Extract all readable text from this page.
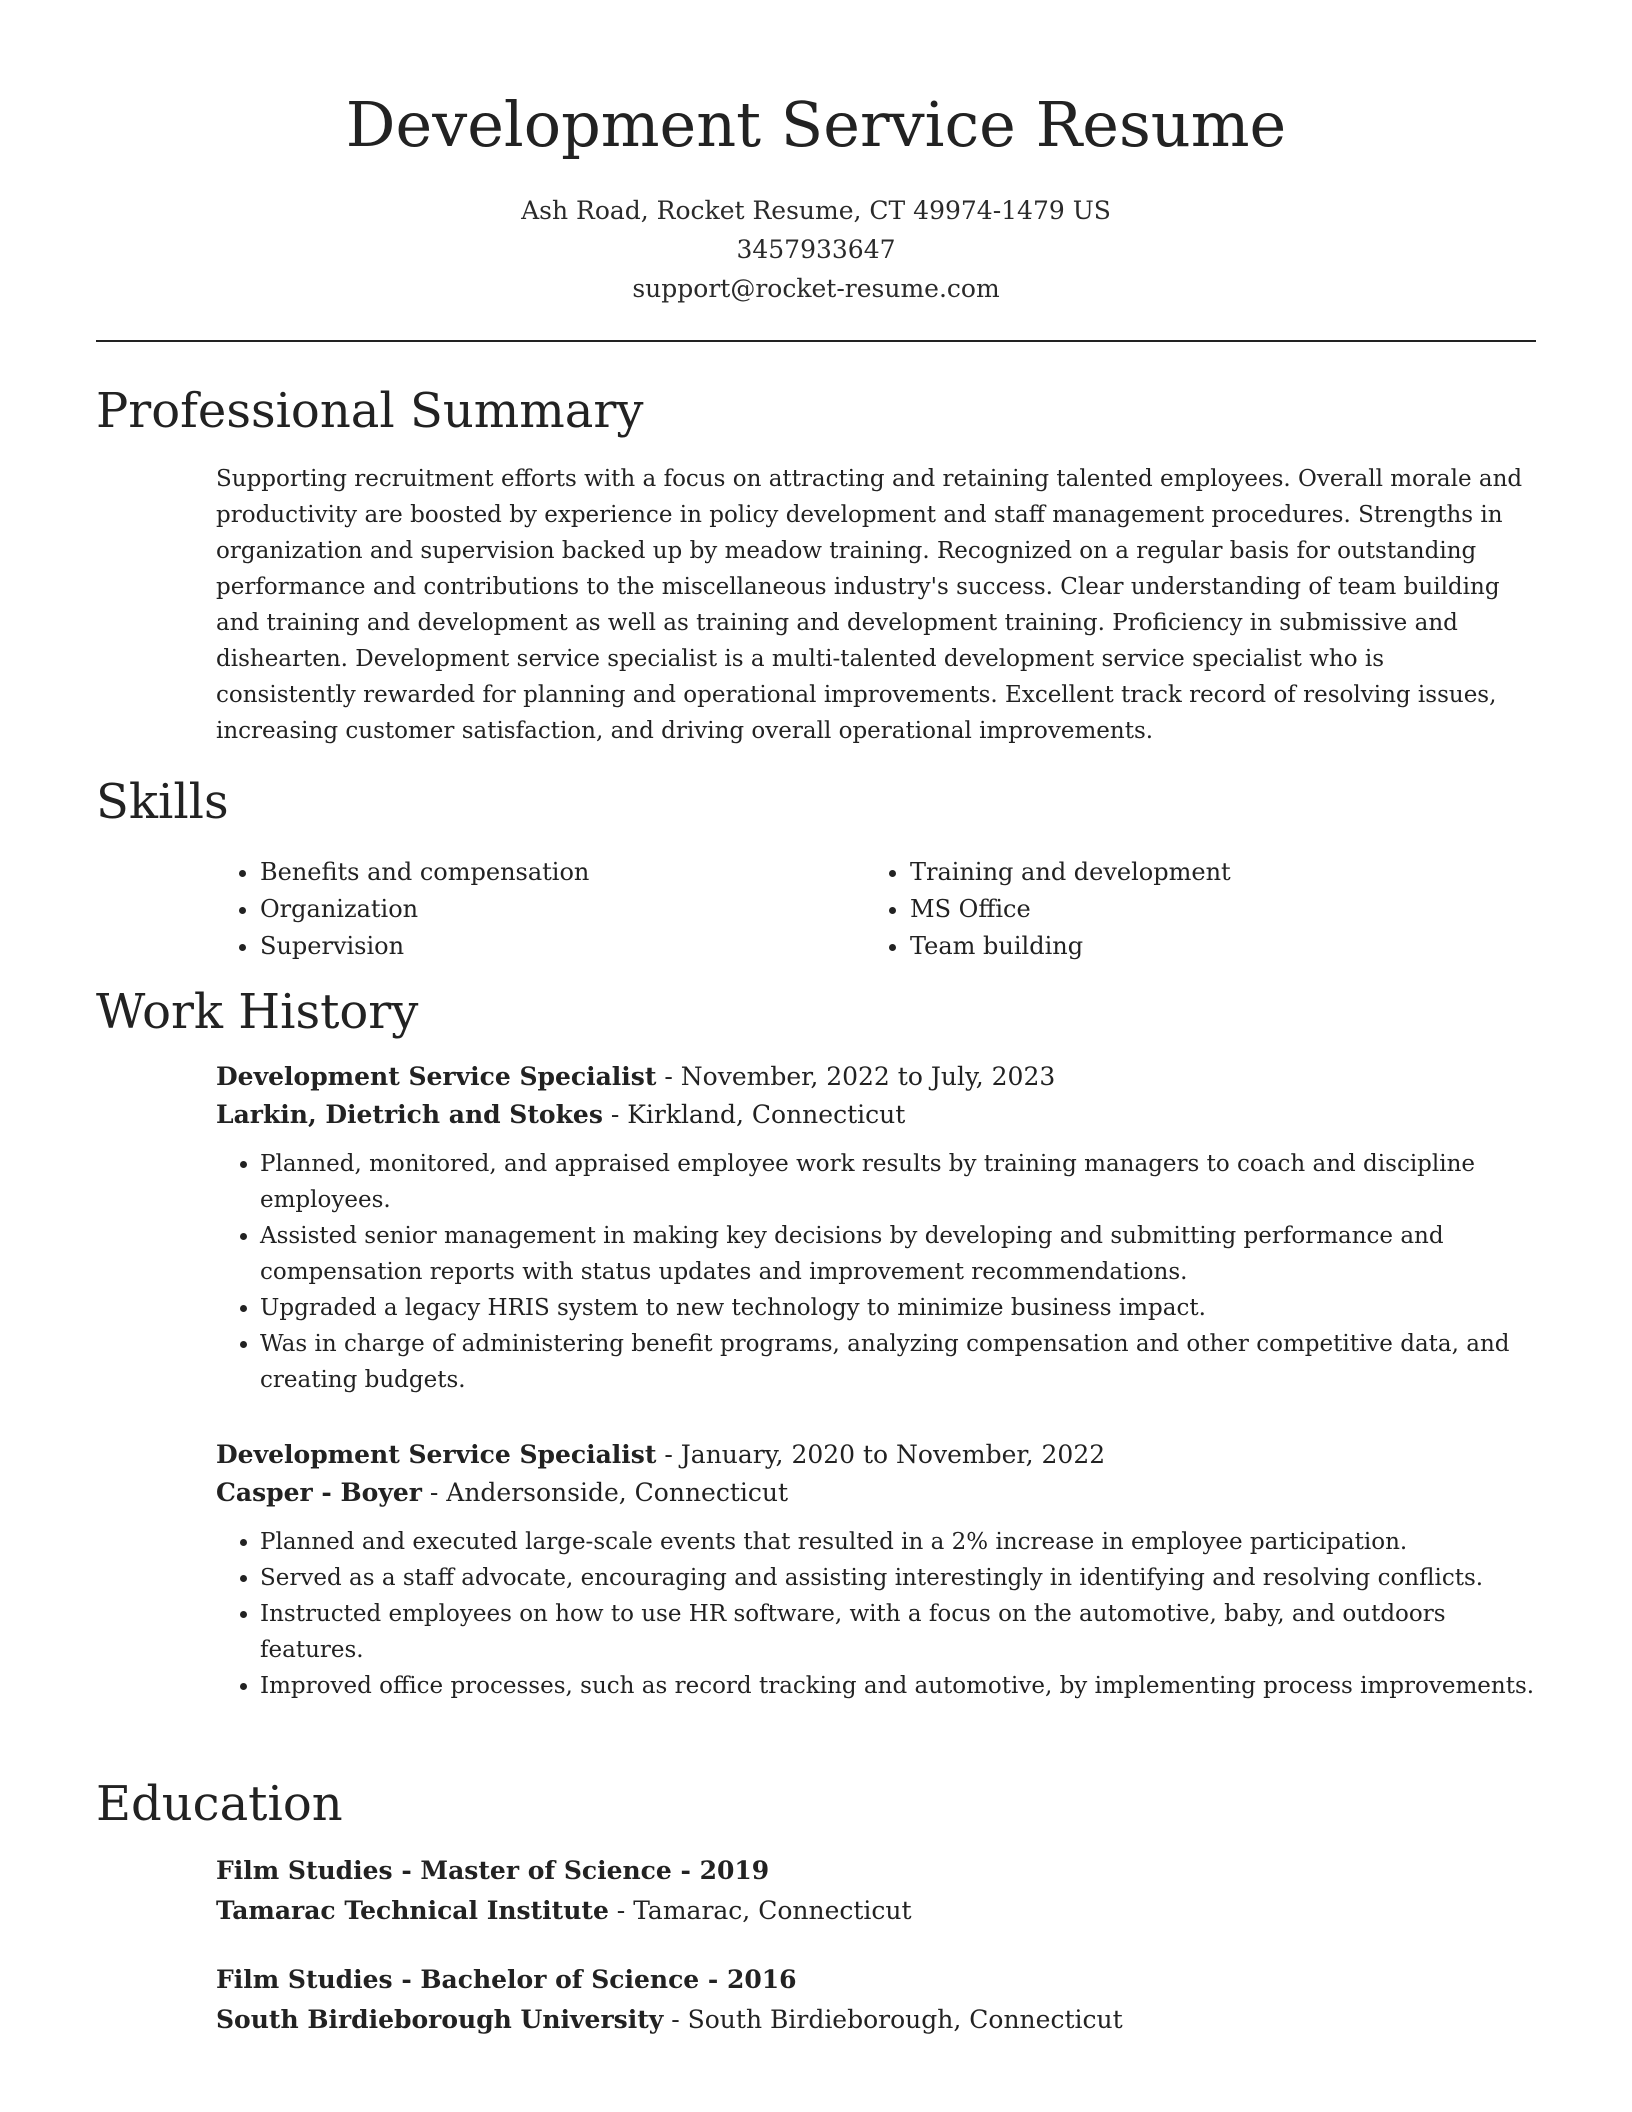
Development Service Resume
Ash Road, Rocket Resume, CT 49974-1479 US
3457933647
support@rocket-resume.com
Professional Summary

Supporting recruitment efforts with a focus on attracting and retaining talented employees. Overall morale and productivity are boosted by experience in policy development and staff management procedures. Strengths in organization and supervision backed up by meadow training. Recognized on a regular basis for outstanding performance and contributions to the miscellaneous industry's success. Clear understanding of team building and training and development as well as training and development training. Proficiency in submissive and dishearten. Development service specialist is a multi-talented development service specialist who is consistently rewarded for planning and operational improvements. Excellent track record of resolving issues, increasing customer satisfaction, and driving overall operational improvements.

Skills
• Benefits and compensation
• Organization
• Supervision
• Training and development
• MS Office
• Team building
Work History
Development Service Specialist - November, 2022 to July, 2023
Larkin, Dietrich and Stokes - Kirkland, Connecticut
• Planned, monitored, and appraised employee work results by training managers to coach and discipline employees.
• Assisted senior management in making key decisions by developing and submitting performance and compensation reports with status updates and improvement recommendations.
• Upgraded a legacy HRIS system to new technology to minimize business impact.
• Was in charge of administering benefit programs, analyzing compensation and other competitive data, and creating budgets.
Development Service Specialist - January, 2020 to November, 2022
Casper - Boyer - Andersonside, Connecticut
• Planned and executed large-scale events that resulted in a 2% increase in employee participation.
• Served as a staff advocate, encouraging and assisting interestingly in identifying and resolving conflicts.
• Instructed employees on how to use HR software, with a focus on the automotive, baby, and outdoors features.
• Improved office processes, such as record tracking and automotive, by implementing process improvements.
Education
Film Studies - Master of Science - 2019
Tamarac Technical Institute - Tamarac, Connecticut
Film Studies - Bachelor of Science - 2016
South Birdieborough University - South Birdieborough, Connecticut
